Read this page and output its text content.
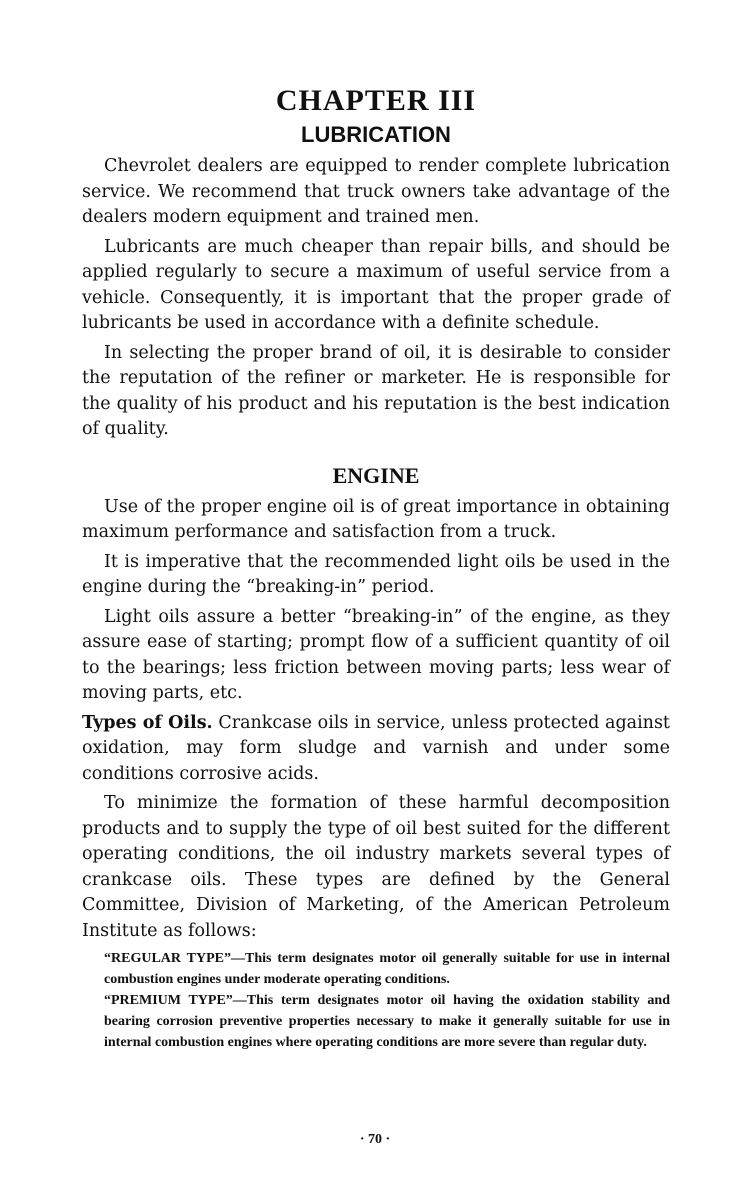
CHAPTER III
LUBRICATION

Chevrolet dealers are equipped to render complete lubrication service. We recommend that truck owners take advantage of the dealers modern equipment and trained men.

Lubricants are much cheaper than repair bills, and should be applied regularly to secure a maximum of useful service from a vehicle. Consequently, it is important that the proper grade of lubricants be used in accordance with a definite schedule.

In selecting the proper brand of oil, it is desirable to consider the reputation of the refiner or marketer. He is responsible for the quality of his product and his reputation is the best indication of quality.

ENGINE

Use of the proper engine oil is of great importance in obtaining maximum performance and satisfaction from a truck.

It is imperative that the recommended light oils be used in the engine during the “breaking-in” period.

Light oils assure a better “breaking-in” of the engine, as they assure ease of starting; prompt flow of a sufficient quantity of oil to the bearings; less friction between moving parts; less wear of moving parts, etc.

Types of Oils. Crankcase oils in service, unless protected against oxidation, may form sludge and varnish and under some conditions corrosive acids.

To minimize the formation of these harmful decomposition products and to supply the type of oil best suited for the different operating conditions, the oil industry markets several types of crankcase oils. These types are defined by the General Committee, Division of Marketing, of the American Petroleum Institute as follows:

“REGULAR TYPE”—This term designates motor oil generally suitable for use in internal combustion engines under moderate operating conditions.

“PREMIUM TYPE”—This term designates motor oil having the oxidation stability and bearing corrosion preventive properties necessary to make it generally suitable for use in internal combustion engines where operating conditions are more severe than regular duty.

· 70 ·
